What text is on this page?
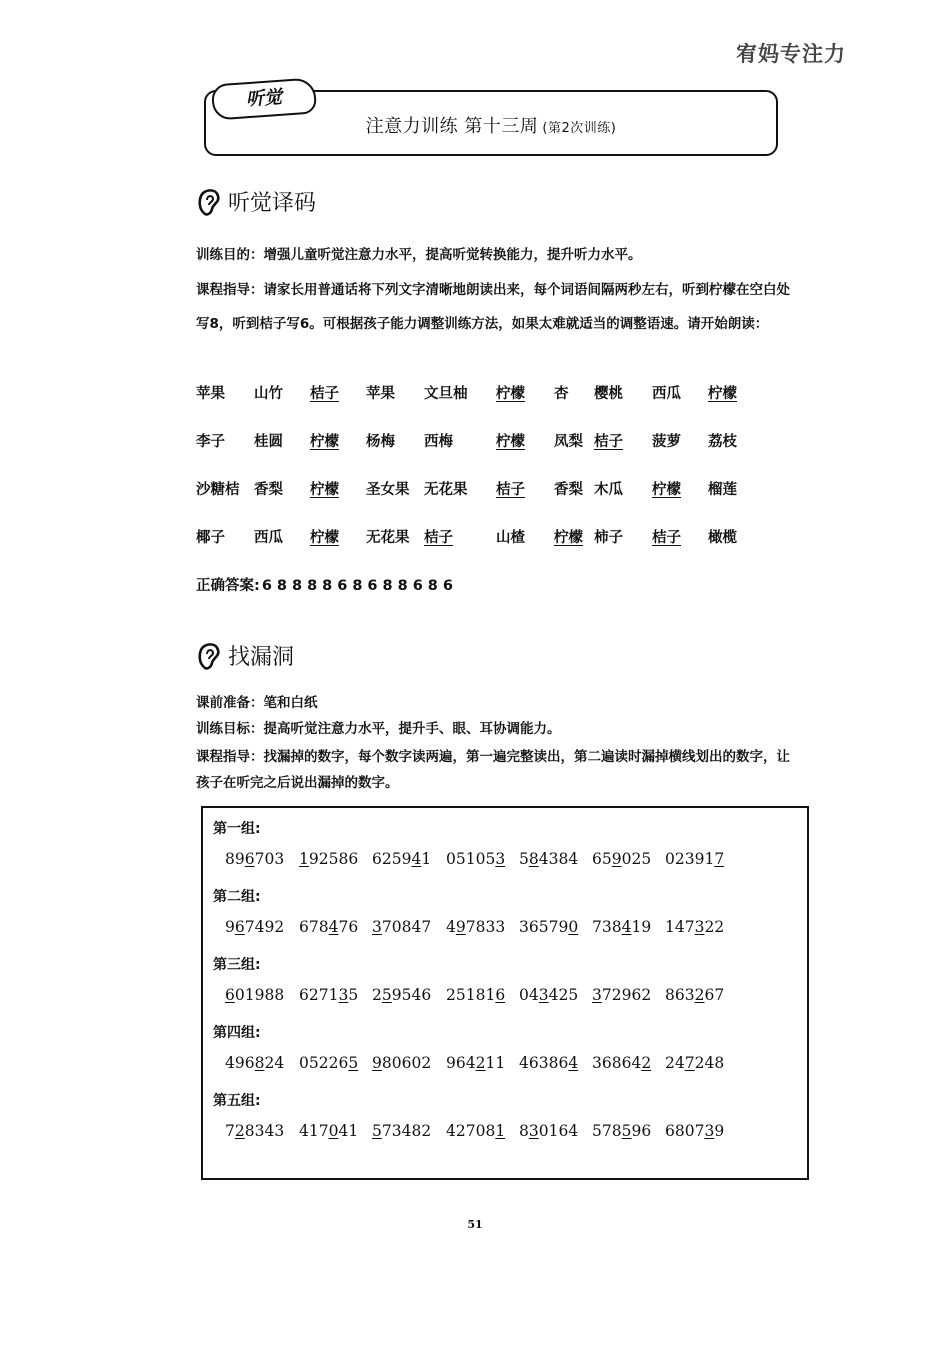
宥妈专注力
注意力训练 第十三周 (第2次训练)
听觉
听觉译码
训练目的：增强儿童听觉注意力水平，提高听觉转换能力，提升听力水平。
课程指导：请家长用普通话将下列文字清晰地朗读出来，每个词语间隔两秒左右，听到柠檬在空白处写8，听到桔子写6。可根据孩子能力调整训练方法，如果太难就适当的调整语速。请开始朗读：
苹果 山竹 桔子 苹果 文旦柚 柠檬 杏 樱桃 西瓜 柠檬
李子 桂圆 柠檬 杨梅 西梅	柠檬 凤梨 桔子 菠萝 荔枝
沙糖桔 香梨 柠檬 圣女果 无花果 桔子 香梨 木瓜 柠檬 榴莲
椰子 西瓜 柠檬 无花果 桔子	山楂 柠檬 柿子 桔子 橄榄
正确答案: 6888868688686
找漏洞
课前准备：笔和白纸
训练目标：提高听觉注意力水平，提升手、眼、耳协调能力。
课程指导：找漏掉的数字，每个数字读两遍，第一遍完整读出，第二遍读时漏掉横线划出的数字，让孩子在听完之后说出漏掉的数字。
第一组:
896703 192586 625941 051053 584384 659025 023917
第二组:
967492 678476 370847 497833 365790 738419 147322
第三组:
601988 627135 259546 251816 043425 372962 863267
第四组:
496824 052265 980602 964211 463864 368642 247248
第五组:
728343 417041 573482 427081 830164 578596 680739
51
